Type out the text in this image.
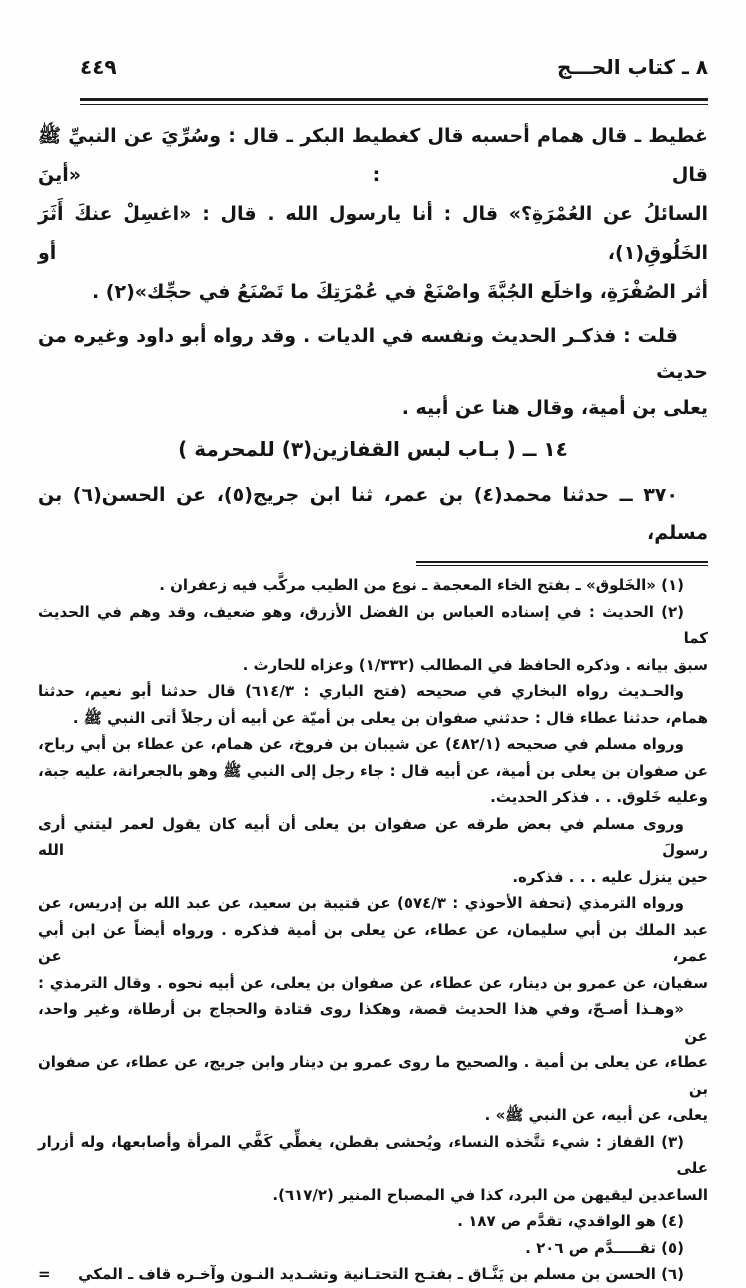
٨ ـ كتاب الحـــج
٤٤٩
غطيط ـ قال همام أحسبه قال كغطيط البكر ـ قال : وسُرِّيَ عن النبيِّ ﷺ قال : «أينَ
السائلُ عن العُمْرَةِ؟» قال : أنا يارسول الله . قال : «اغسِلْ عنكَ أَثَرَ الخَلُوقِ(١)، أو
أثر الصُفْرَةِ، واخلَع الجُبَّةَ واصْنَعْ في عُمْرَتِكَ ما تَصْنَعُ في حجِّك»(٢) .
قلت : فذكـر الحديث ونفسه في الديات . وقد رواه أبو داود وغيره من حديث
يعلى بن أمية، وقال هنا عن أبيه .
١٤ ــ ( بـاب لبس القفازين(٣) للمحرمة )
٣٧٠ ــ حدثنا محمد(٤) بن عمر، ثنا ابن جريج(٥)، عن الحسن(٦) بن مسلم،
(١) «الخَلوق» ـ بفتح الخاء المعجمة ـ نوع من الطيب مركَّب فيه زعفران .
(٢) الحديث : في إسناده العباس بن الفضل الأزرق، وهو ضعيف، وقد وهم في الحديث كما
سبق بيانه . وذكره الحافظ في المطالب (١/٣٣٢) وعزاه للحارث .
والحـديث رواه البخاري في صحيحه (فتح الباري : ٦١٤/٣) قال حدثنا أبو نعيم، حدثنا
همام، حدثنا عطاء قال : حدثني صفوان بن يعلى بن أميّة عن أبيه أن رجلاً أتى النبي ﷺ .
ورواه مسلم في صحيحه (٤٨٢/١) عن شيبان بن فروخ، عن همام، عن عطاء بن أبي رباح،
عن صفوان بن يعلى بن أمية، عن أبيه قال : جاء رجل إلى النبي ﷺ وهو بالجعرانة، عليه جبة،
وعليه خَلوق. . . فذكر الحديث.
وروى مسلم في بعض طرقه عن صفوان بن يعلى أن أبيه كان يقول لعمر ليتني أرى رسولَ الله
حين ينزل عليه . . . فذكره.
ورواه الترمذي (تحفة الأحوذي : ٥٧٤/٣) عن قتيبة بن سعيد، عن عبد الله بن إدريس، عن
عبد الملك بن أبي سليمان، عن عطاء، عن يعلى بن أمية فذكره . ورواه أيضاً عن ابن أبي عمر، عن
سفيان، عن عمرو بن دينار، عن عطاء، عن صفوان بن يعلى، عن أبيه نحوه . وقال الترمذي :
«وهـذا أصـحّ، وفي هذا الحديث قصة، وهكذا روى قتادة والحجاج بن أرطاة، وغير واحد، عن
عطاء، عن يعلى بن أمية . والصحيح ما روى عمرو بن دينار وابن جريج، عن عطاء، عن صفوان بن
يعلى، عن أبيه، عن النبي ﷺ» .
(٣) القفاز : شيء تتَّخذه النساء، ويُحشى بقطن، يغطِّي كَفَّي المرأة وأصابعها، وله أزرار على
الساعدين ليقيهن من البرد، كذا في المصباح المنير (٦١٧/٢).
(٤) هو الواقدي، تقدَّم ص ١٨٧ .
(٥) تقـــــدَّم ص ٢٠٦ .
(٦) الحسن بن مسلم بن يَنَّـاق ـ بفتـح التحتـانية وتشـديد النـون وآخـره قاف ـ المكي
=
